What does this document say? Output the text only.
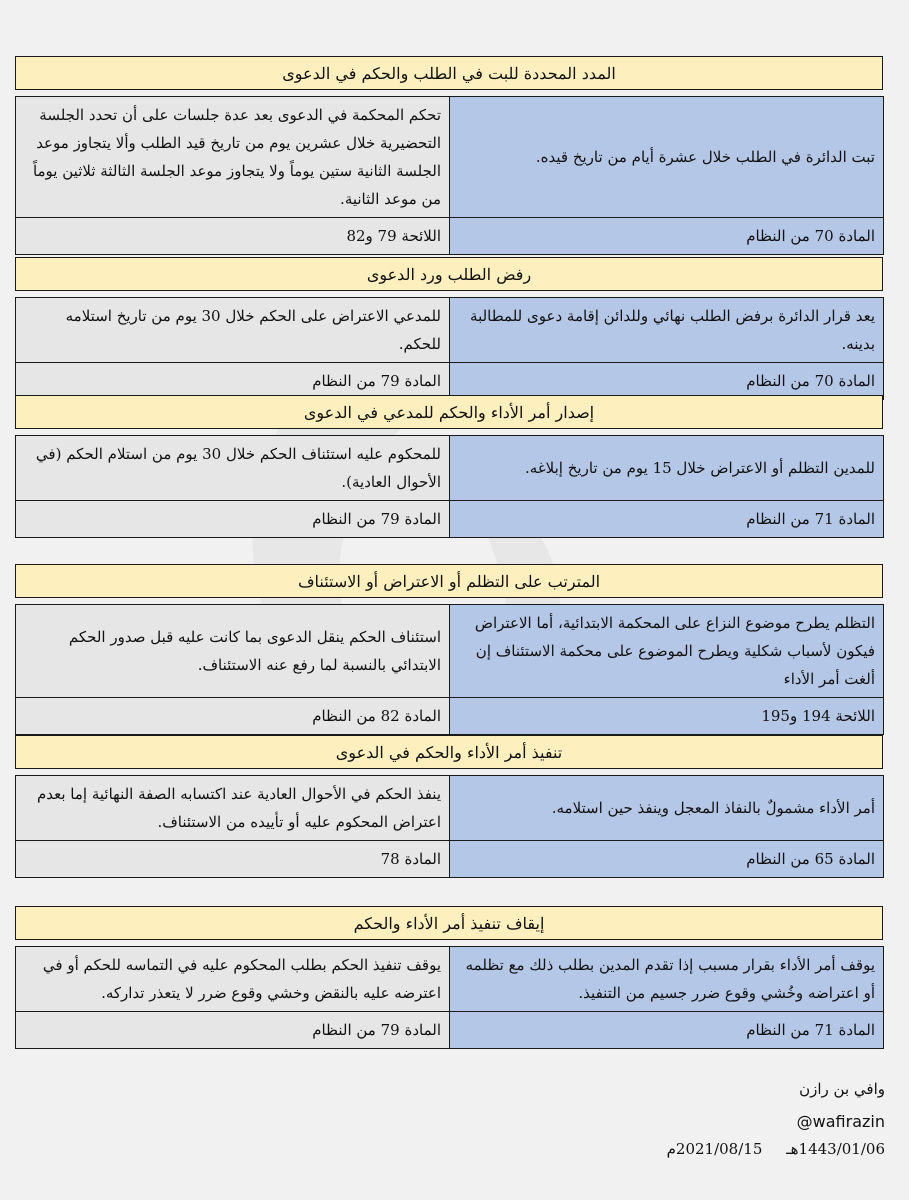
المدد المحددة للبت في الطلب والحكم في الدعوى
تحكم المحكمة في الدعوى بعد عدة جلسات على أن تحدد الجلسة التحضيرية خلال عشرين يوم من تاريخ قيد الطلب وألا يتجاوز موعد الجلسة الثانية ستين يوماً ولا يتجاوز موعد الجلسة الثالثة ثلاثين يوماً من موعد الثانية.	تبت الدائرة في الطلب خلال عشرة أيام من تاريخ قيده.
اللائحة 79 و82	المادة 70 من النظام
رفض الطلب ورد الدعوى
للمدعي الاعتراض على الحكم خلال 30 يوم من تاريخ استلامه للحكم.	يعد قرار الدائرة برفض الطلب نهائي وللدائن إقامة دعوى للمطالبة بدينه.
المادة 79 من النظام	المادة 70 من النظام
إصدار أمر الأداء والحكم للمدعي في الدعوى
للمحكوم عليه استئناف الحكم خلال 30 يوم من استلام الحكم (في الأحوال العادية).	للمدين التظلم أو الاعتراض خلال 15 يوم من تاريخ إبلاغه.
المادة 79 من النظام	المادة 71 من النظام
المترتب على التظلم أو الاعتراض أو الاستئناف
استئناف الحكم ينقل الدعوى بما كانت عليه قبل صدور الحكم الابتدائي بالنسبة لما رفع عنه الاستئناف.	التظلم يطرح موضوع النزاع على المحكمة الابتدائية، أما الاعتراض فيكون لأسباب شكلية ويطرح الموضوع على محكمة الاستئناف إن ألغت أمر الأداء
المادة 82 من النظام	اللائحة 194 و195
تنفيذ أمر الأداء والحكم في الدعوى
ينفذ الحكم في الأحوال العادية عند اكتسابه الصفة النهائية إما بعدم اعتراض المحكوم عليه أو تأييده من الاستئناف.	أمر الأداء مشمولٌ بالنفاذ المعجل وينفذ حين استلامه.
المادة 78	المادة 65 من النظام
إيقاف تنفيذ أمر الأداء والحكم
يوقف تنفيذ الحكم بطلب المحكوم عليه في التماسه للحكم أو في اعترضه عليه بالنقض وخشي وقوع ضرر لا يتعذر تداركه.	يوقف أمر الأداء بقرار مسبب إذا تقدم المدين بطلب ذلك مع تظلمه أو اعتراضه وخُشي وقوع ضرر جسيم من التنفيذ.
المادة 79 من النظام	المادة 71 من النظام
وافي بن رازن
@wafirazin
1443/01/06هـ     2021/08/15م
